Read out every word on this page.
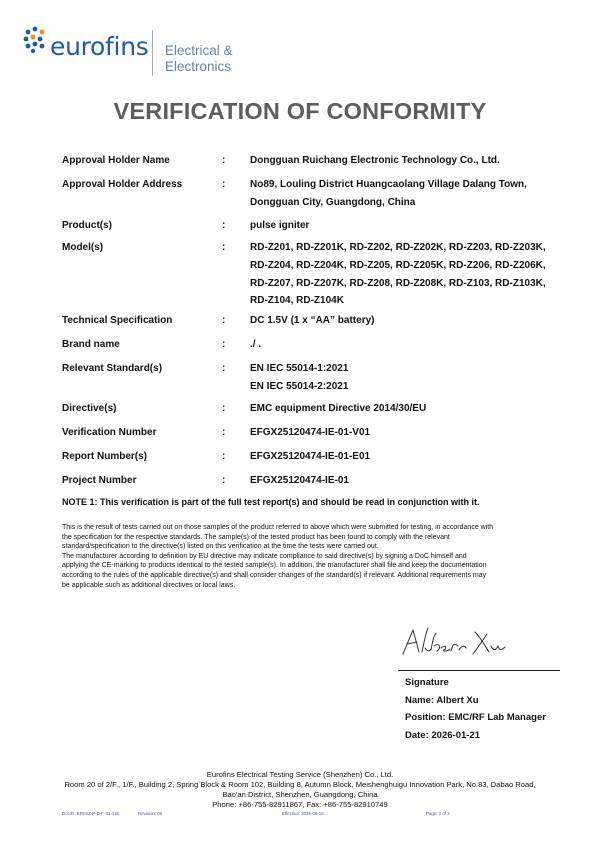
eurofins Electrical &
Electronics
VERIFICATION OF CONFORMITY
Approval Holder Name	: Dongguan Ruichang Electronic Technology Co., Ltd.
Approval Holder Address	: No89, Louling District Huangcaolang Village Dalang Town,
Dongguan City, Guangdong, China
Product(s)	: pulse igniter
Model(s)	: RD-Z201, RD-Z201K, RD-Z202, RD-Z202K, RD-Z203, RD-Z203K,
RD-Z204, RD-Z204K, RD-Z205, RD-Z205K, RD-Z206, RD-Z206K,
RD-Z207, RD-Z207K, RD-Z208, RD-Z208K, RD-Z103, RD-Z103K,
RD-Z104, RD-Z104K
Technical Specification	: DC 1.5V (1 x “AA” battery)
Brand name	: ./ .
Relevant Standard(s)	: EN IEC 55014-1:2021
EN IEC 55014-2:2021
Directive(s)	: EMC equipment Directive 2014/30/EU
Verification Number	: EFGX25120474-IE-01-V01
Report Number(s)	: EFGX25120474-IE-01-E01
Project Number	: EFGX25120474-IE-01
NOTE 1: This verification is part of the full test report(s) and should be read in conjunction with it.
This is the result of tests carried out on those samples of the product referred to above which were submitted for testing, in accordance with
the specification for the respective standards. The sample(s) of the tested product has been found to comply with the relevant
standard/specification to the directive(s) listed on this verification at the time the tests were carried out.
The manufacturer according to definition by EU directive may indicate compliance to said directive(s) by signing a DoC himself and
applying the CE-marking to products identical to the tested sample(s). In addition, the manufacturer shall file and keep the documentation
according to the rules of the applicable directive(s) and shall consider changes of the standard(s) if relevant. Additional requirements may
be applicable such as additional directives or local laws.
Signature
Name: Albert Xu
Position: EMC/RF Lab Manager
Date: 2026-01-21
Eurofins Electrical Testing Service (Shenzhen) Co., Ltd.
Room 20 of 2/F., 1/F., Building 2, Spring Block & Room 102, Building 8, Autumn Block, Meishenghuigu Innovation Park, No.83, Dabao Road,
Bao'an District, Shenzhen, Guangdong, China
Phone: +86-755-82911867, Fax: +86-755-82910749
DocID: EFESZ-P-D-F-31.01E	Revision: 06	Effective: 2025-09-16	Page: 1 of 2
